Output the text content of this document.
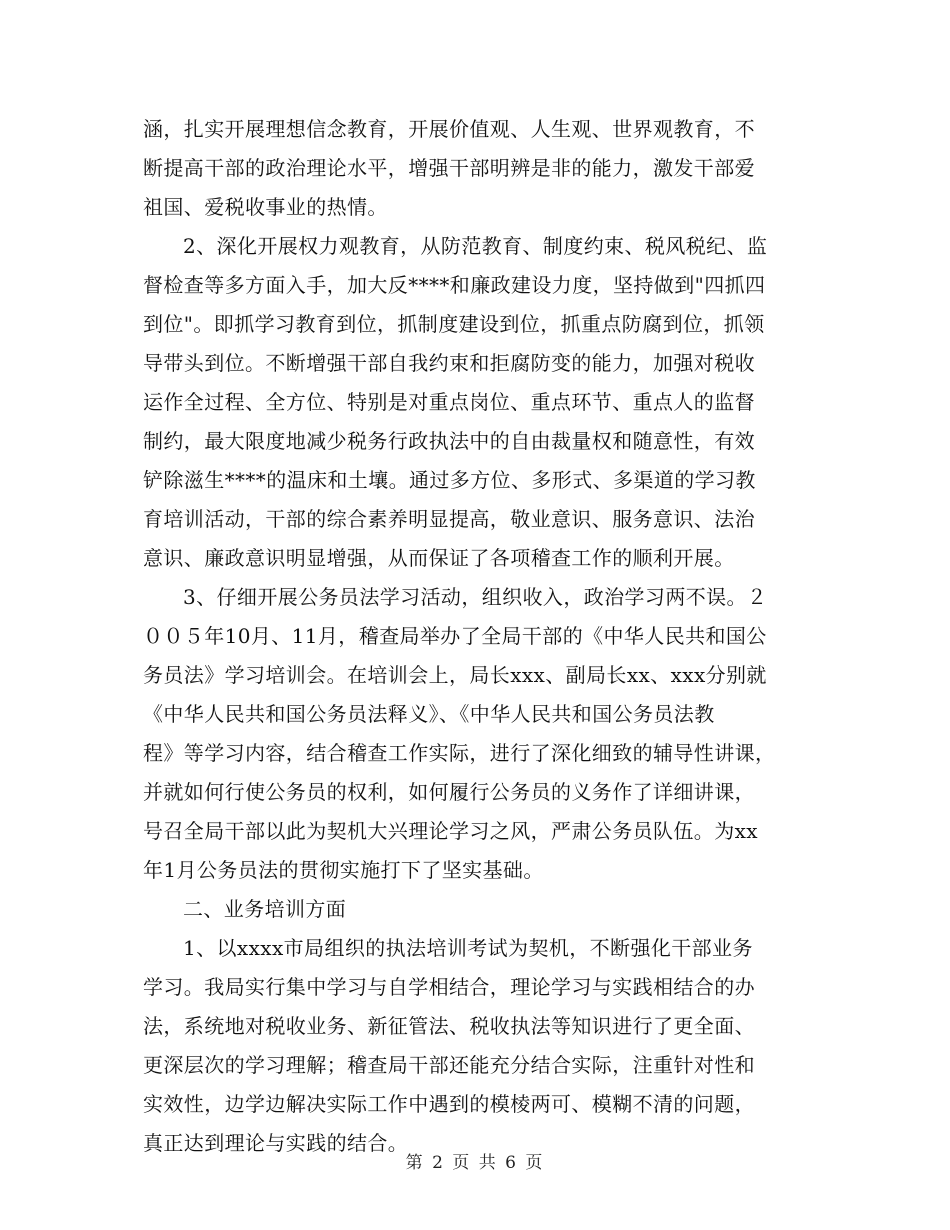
涵，扎实开展理想信念教育，开展价值观、人生观、世界观教育，不
断提高干部的政治理论水平，增强干部明辨是非的能力，激发干部爱
祖国、爱税收事业的热情。

2、深化开展权力观教育，从防范教育、制度约束、税风税纪、监
督检查等多方面入手，加大反****和廉政建设力度，坚持做到"四抓四
到位"。即抓学习教育到位，抓制度建设到位，抓重点防腐到位，抓领
导带头到位。不断增强干部自我约束和拒腐防变的能力，加强对税收
运作全过程、全方位、特别是对重点岗位、重点环节、重点人的监督
制约，最大限度地减少税务行政执法中的自由裁量权和随意性，有效
铲除滋生****的温床和土壤。通过多方位、多形式、多渠道的学习教
育培训活动，干部的综合素养明显提高，敬业意识、服务意识、法治
意识、廉政意识明显增强，从而保证了各项稽查工作的顺利开展。

3、仔细开展公务员法学习活动，组织收入，政治学习两不误。２
００５年10月、11月，稽查局举办了全局干部的《中华人民共和国公
务员法》学习培训会。在培训会上，局长xxx、副局长xx、xxx分别就
《中华人民共和国公务员法释义》、《中华人民共和国公务员法教
程》等学习内容，结合稽查工作实际，进行了深化细致的辅导性讲课，
并就如何行使公务员的权利，如何履行公务员的义务作了详细讲课，
号召全局干部以此为契机大兴理论学习之风，严肃公务员队伍。为xx
年1月公务员法的贯彻实施打下了坚实基础。

二、业务培训方面

1、以xxxx市局组织的执法培训考试为契机，不断强化干部业务
学习。我局实行集中学习与自学相结合，理论学习与实践相结合的办
法，系统地对税收业务、新征管法、税收执法等知识进行了更全面、
更深层次的学习理解；稽查局干部还能充分结合实际，注重针对性和
实效性，边学边解决实际工作中遇到的模棱两可、模糊不清的问题，
真正达到理论与实践的结合。

第 2 页 共 6 页
